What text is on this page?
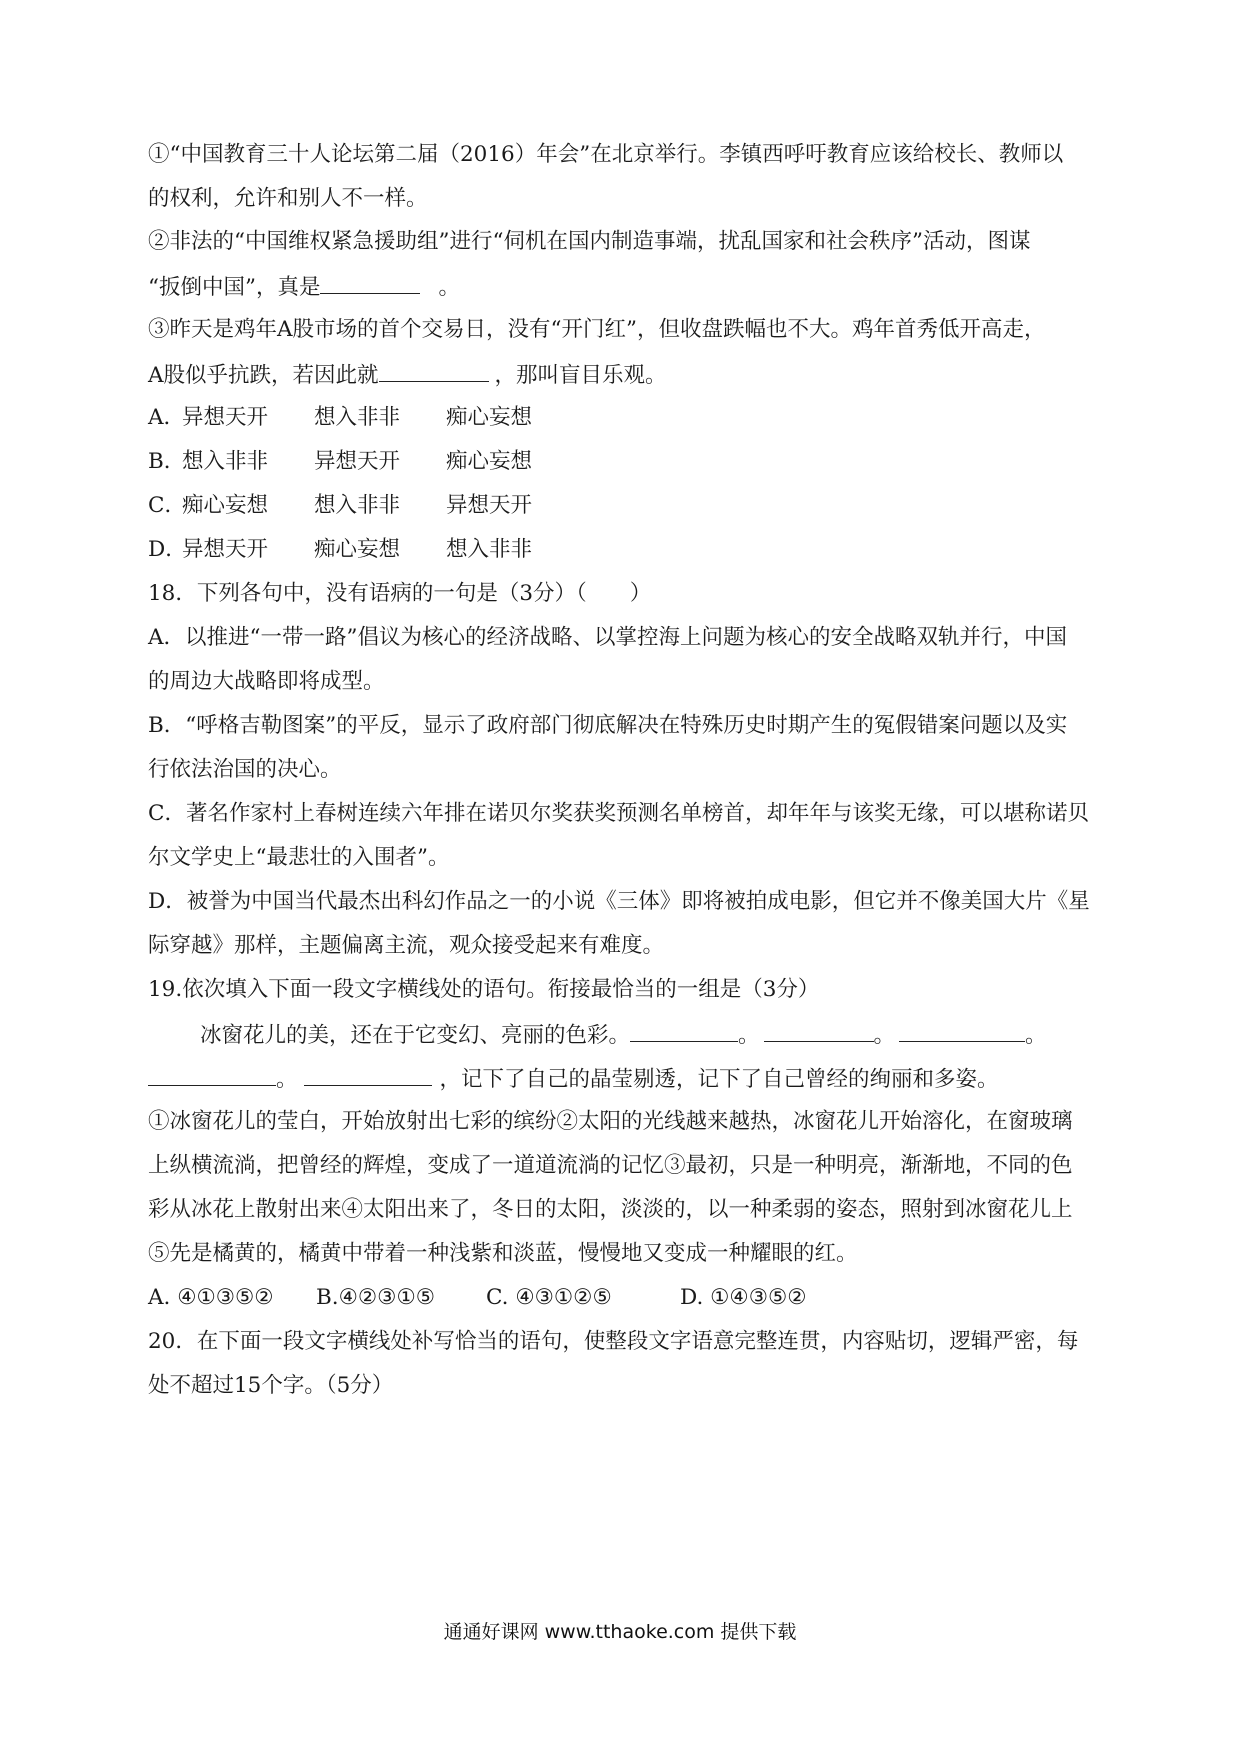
①“中国教育三十人论坛第二届（2016）年会”在北京举行。李镇西呼吁教育应该给校长、教师以
的权利，允许和别人不一样。
②非法的“中国维权紧急援助组”进行“伺机在国内制造事端，扰乱国家和社会秩序”活动，图谋
“扳倒中国”，真是	。
③昨天是鸡年A股市场的首个交易日，没有“开门红”，但收盘跌幅也不大。鸡年首秀低开高走，
A股似乎抗跌，若因此就	，那叫盲目乐观。
A．异想天开 想入非非 痴心妄想
B．想入非非 异想天开 痴心妄想
C．痴心妄想 想入非非 异想天开
D．异想天开 痴心妄想 想入非非
18．下列各句中，没有语病的一句是（3分）（　　）
A．以推进“一带一路”倡议为核心的经济战略、以掌控海上问题为核心的安全战略双轨并行，中国
的周边大战略即将成型。
B．“呼格吉勒图案”的平反，显示了政府部门彻底解决在特殊历史时期产生的冤假错案问题以及实
行依法治国的决心。
C．著名作家村上春树连续六年排在诺贝尔奖获奖预测名单榜首，却年年与该奖无缘，可以堪称诺贝
尔文学史上“最悲壮的入围者”。
D．被誉为中国当代最杰出科幻作品之一的小说《三体》即将被拍成电影，但它并不像美国大片《星
际穿越》那样，主题偏离主流，观众接受起来有难度。
19.依次填入下面一段文字横线处的语句。衔接最恰当的一组是（3分）
冰窗花儿的美，还在于它变幻、亮丽的色彩。	。	。	。
。	，记下了自己的晶莹剔透，记下了自己曾经的绚丽和多姿。
①冰窗花儿的莹白，开始放射出七彩的缤纷②太阳的光线越来越热，冰窗花儿开始溶化，在窗玻璃
上纵横流淌，把曾经的辉煌，变成了一道道流淌的记忆③最初，只是一种明亮，渐渐地，不同的色
彩从冰花上散射出来④太阳出来了，冬日的太阳，淡淡的，以一种柔弱的姿态，照射到冰窗花儿上
⑤先是橘黄的，橘黄中带着一种浅紫和淡蓝，慢慢地又变成一种耀眼的红。
A. ④①③⑤② B.④②③①⑤ C. ④③①②⑤	D. ①④③⑤②
20．在下面一段文字横线处补写恰当的语句，使整段文字语意完整连贯，内容贴切，逻辑严密，每
处不超过15个字。（5分）
通通好课网 www.tthaoke.com 提供下载
